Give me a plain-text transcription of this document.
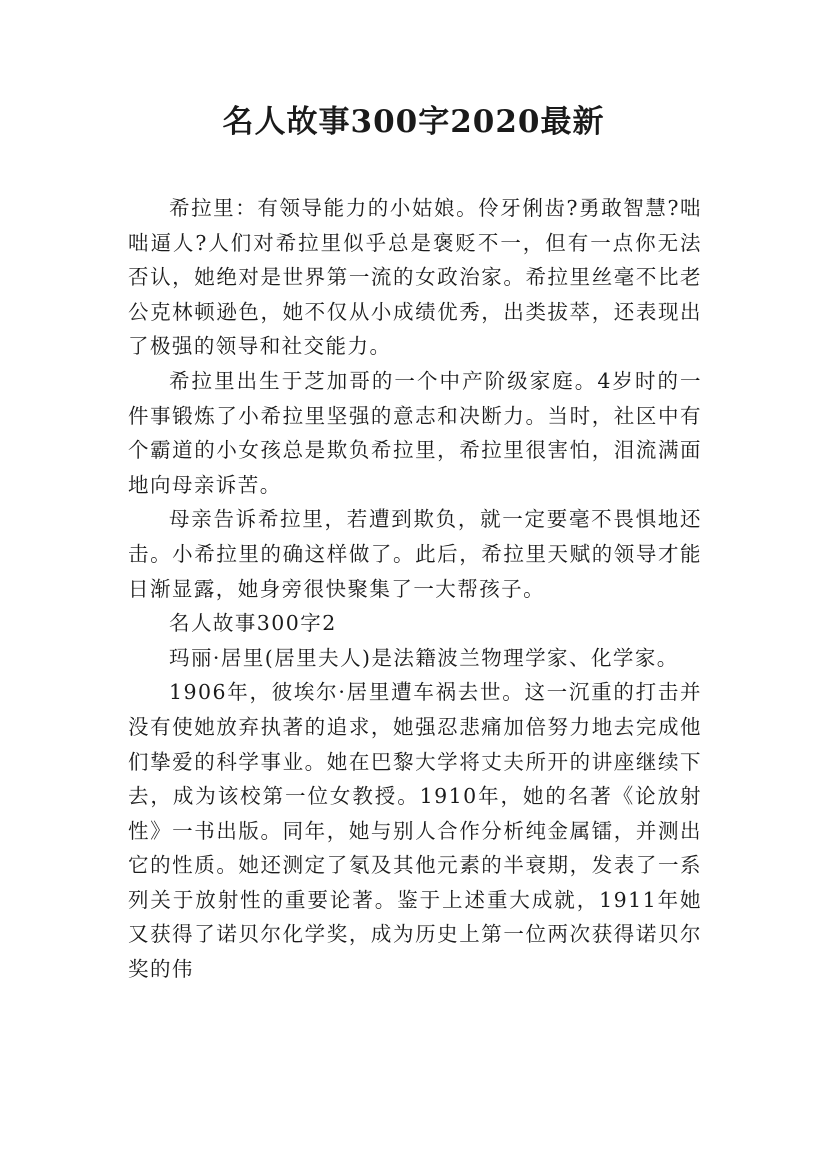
名人故事300字2020最新

希拉里：有领导能力的小姑娘。伶牙俐齿?勇敢智慧?咄咄逼人?人们对希拉里似乎总是褒贬不一，但有一点你无法否认，她绝对是世界第一流的女政治家。希拉里丝毫不比老公克林顿逊色，她不仅从小成绩优秀，出类拔萃，还表现出了极强的领导和社交能力。

希拉里出生于芝加哥的一个中产阶级家庭。4岁时的一件事锻炼了小希拉里坚强的意志和决断力。当时，社区中有个霸道的小女孩总是欺负希拉里，希拉里很害怕，泪流满面地向母亲诉苦。

母亲告诉希拉里，若遭到欺负，就一定要毫不畏惧地还击。小希拉里的确这样做了。此后，希拉里天赋的领导才能日渐显露，她身旁很快聚集了一大帮孩子。

名人故事300字2

玛丽·居里(居里夫人)是法籍波兰物理学家、化学家。

1906年，彼埃尔·居里遭车祸去世。这一沉重的打击并没有使她放弃执著的追求，她强忍悲痛加倍努力地去完成他们挚爱的科学事业。她在巴黎大学将丈夫所开的讲座继续下去，成为该校第一位女教授。1910年，她的名著《论放射性》一书出版。同年，她与别人合作分析纯金属镭，并测出它的性质。她还测定了氡及其他元素的半衰期，发表了一系列关于放射性的重要论著。鉴于上述重大成就，1911年她又获得了诺贝尔化学奖，成为历史上第一位两次获得诺贝尔奖的伟
